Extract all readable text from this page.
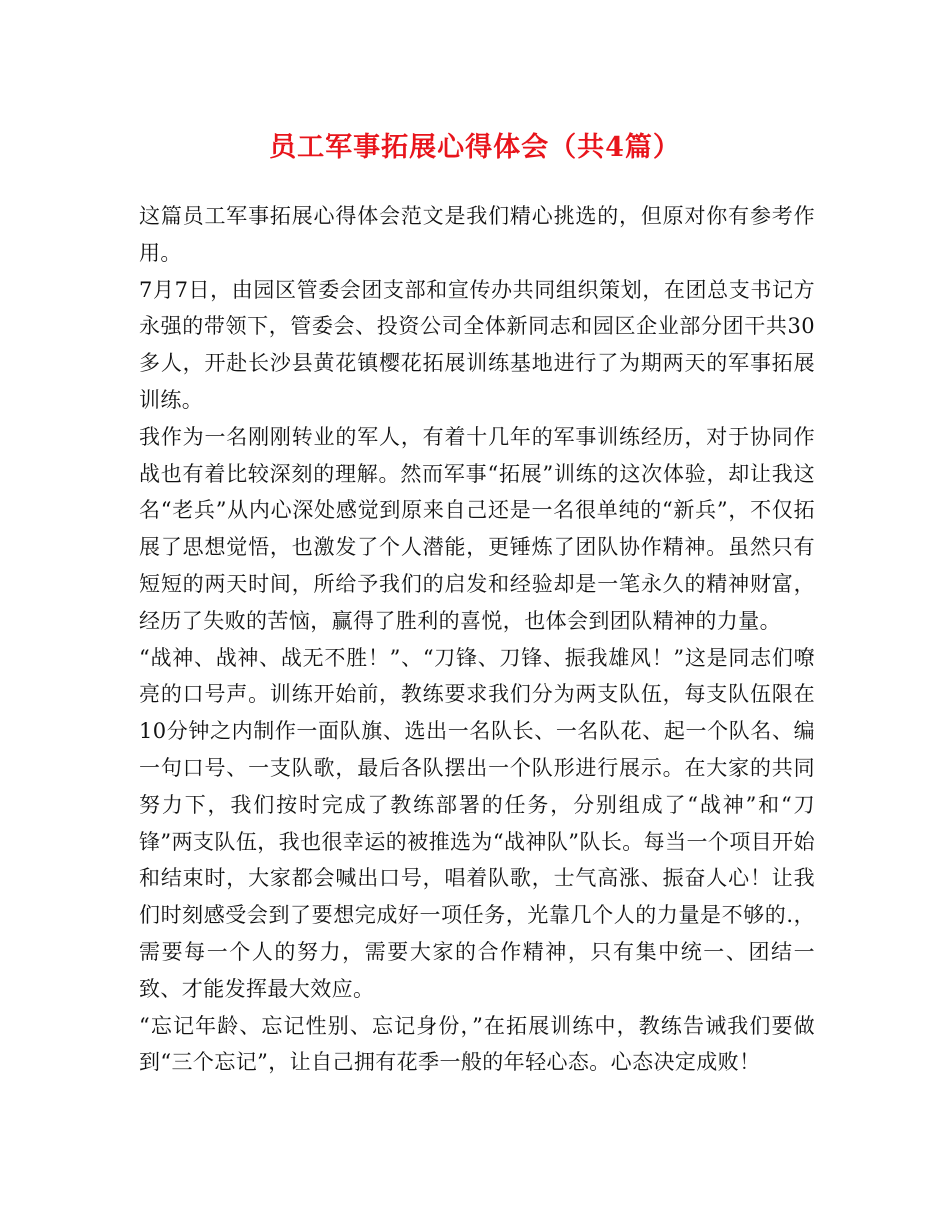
员工军事拓展心得体会（共4篇）

这篇员工军事拓展心得体会范文是我们精心挑选的，但原对你有参考作用。

7月7日，由园区管委会团支部和宣传办共同组织策划，在团总支书记方永强的带领下，管委会、投资公司全体新同志和园区企业部分团干共30多人，开赴长沙县黄花镇樱花拓展训练基地进行了为期两天的军事拓展训练。

我作为一名刚刚转业的军人，有着十几年的军事训练经历，对于协同作战也有着比较深刻的理解。然而军事“拓展”训练的这次体验，却让我这名“老兵”从内心深处感觉到原来自己还是一名很单纯的“新兵”，不仅拓展了思想觉悟，也激发了个人潜能，更锤炼了团队协作精神。虽然只有短短的两天时间，所给予我们的启发和经验却是一笔永久的精神财富，经历了失败的苦恼，赢得了胜利的喜悦，也体会到团队精神的力量。

“战神、战神、战无不胜！”、“刀锋、刀锋、振我雄风！”这是同志们嘹亮的口号声。训练开始前，教练要求我们分为两支队伍，每支队伍限在10分钟之内制作一面队旗、选出一名队长、一名队花、起一个队名、编一句口号、一支队歌，最后各队摆出一个队形进行展示。在大家的共同努力下，我们按时完成了教练部署的任务，分别组成了“战神”和“刀锋”两支队伍，我也很幸运的被推选为“战神队”队长。每当一个项目开始和结束时，大家都会喊出口号，唱着队歌，士气高涨、振奋人心！让我们时刻感受会到了要想完成好一项任务，光靠几个人的力量是不够的.，需要每一个人的努力，需要大家的合作精神，只有集中统一、团结一致、才能发挥最大效应。

“忘记年龄、忘记性别、忘记身份，”在拓展训练中，教练告诫我们要做到“三个忘记”，让自己拥有花季一般的年轻心态。心态决定成败！
